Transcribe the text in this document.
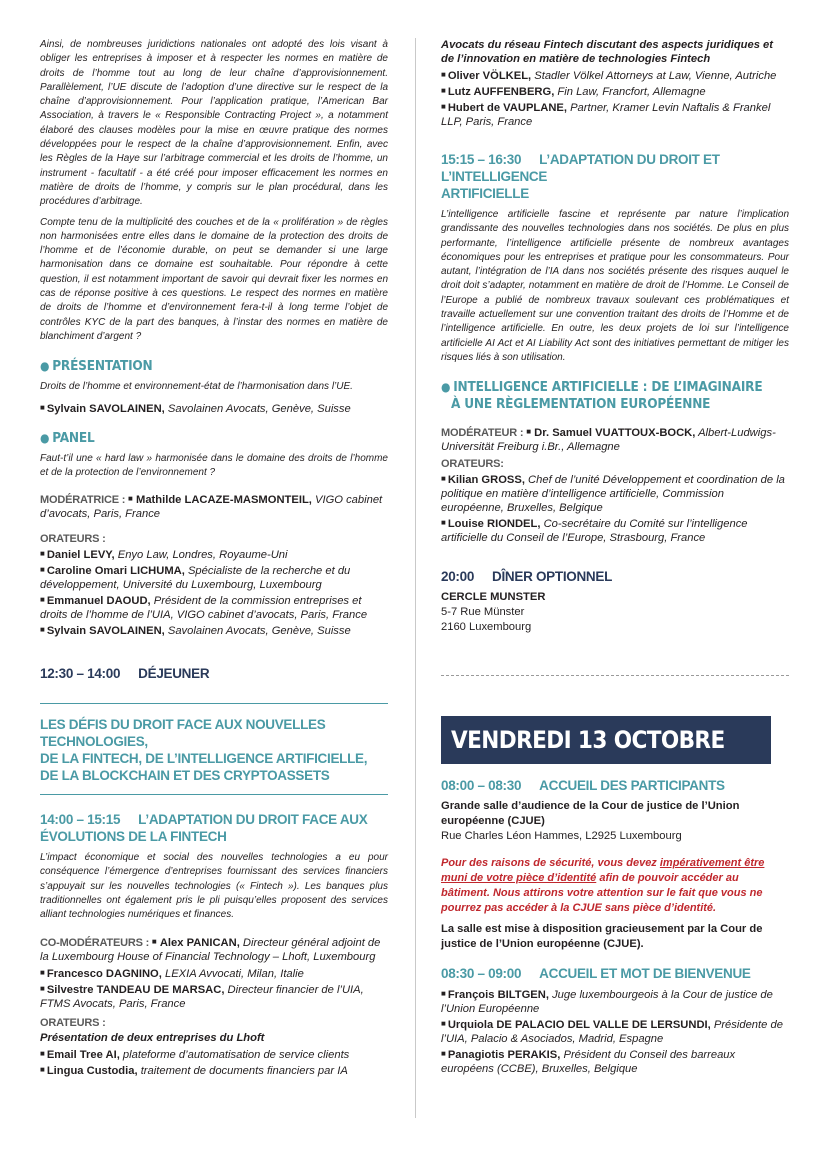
Ainsi, de nombreuses juridictions nationales ont adopté des lois visant à obliger les entreprises à imposer et à respecter les normes en matière de droits de l’homme tout au long de leur chaîne d’approvisionnement. Parallèlement, l’UE discute de l’adoption d’une directive sur le respect de la chaîne d’approvisionnement. Pour l’application pratique, l’American Bar Association, à travers le « Responsible Contracting Project », a notamment élaboré des clauses modèles pour la mise en œuvre pratique des normes développées pour le respect de la chaîne d’approvisionnement. Enfin, avec les Règles de la Haye sur l’arbitrage commercial et les droits de l’homme, un instrument - facultatif - a été créé pour imposer efficacement les normes en matière de droits de l’homme, y compris sur le plan procédural, dans les procédures d’arbitrage.

Compte tenu de la multiplicité des couches et de la « prolifération » de règles non harmonisées entre elles dans le domaine de la protection des droits de l’homme et de l’économie durable, on peut se demander si une large harmonisation dans ce domaine est souhaitable. Pour répondre à cette question, il est notamment important de savoir qui devrait fixer les normes en cas de réponse positive à ces questions. Le respect des normes en matière de droits de l’homme et d’environnement fera-t-il à long terme l’objet de contrôles KYC de la part des banques, à l’instar des normes en matière de blanchiment d’argent ?

● PRÉSENTATION

Droits de l’homme et environnement-état de l’harmonisation dans l’UE.

■ Sylvain SAVOLAINEN, Savolainen Avocats, Genève, Suisse
● PANEL

Faut-t’il une « hard law » harmonisée dans le domaine des droits de l’homme et de la protection de l’environnement ?

MODÉRATRICE : ■ Mathilde LACAZE-MASMONTEIL, VIGO cabinet d’avocats, Paris, France
ORATEURS :
■ Daniel LEVY, Enyo Law, Londres, Royaume-Uni
■ Caroline Omari LICHUMA, Spécialiste de la recherche et du développement, Université du Luxembourg, Luxembourg
■ Emmanuel DAOUD, Président de la commission entreprises et droits de l’homme de l’UIA, VIGO cabinet d’avocats, Paris, France
■ Sylvain SAVOLAINEN, Savolainen Avocats, Genève, Suisse
12:30 – 14:00 DÉJEUNER
LES DÉFIS DU DROIT FACE AUX NOUVELLES TECHNOLOGIES,
DE LA FINTECH, DE L’INTELLIGENCE ARTIFICIELLE,
DE LA BLOCKCHAIN ET DES CRYPTOASSETS
14:00 – 15:15 L’ADAPTATION DU DROIT FACE AUX
ÉVOLUTIONS DE LA FINTECH

L’impact économique et social des nouvelles technologies a eu pour conséquence l’émergence d’entreprises fournissant des services financiers s’appuyait sur les nouvelles technologies (« Fintech »). Les banques plus traditionnelles ont également pris le pli puisqu’elles proposent des services alliant technologies numériques et finances.

CO-MODÉRATEURS : ■ Alex PANICAN, Directeur général adjoint de la Luxembourg House of Financial Technology – Lhoft, Luxembourg
■ Francesco DAGNINO, LEXIA Avvocati, Milan, Italie
■ Silvestre TANDEAU DE MARSAC, Directeur financier de l’UIA, FTMS Avocats, Paris, France
ORATEURS :
Présentation de deux entreprises du Lhoft
■ Email Tree AI, plateforme d’automatisation de service clients
■ Lingua Custodia, traitement de documents financiers par IA
Avocats du réseau Fintech discutant des aspects juridiques et de l’innovation en matière de technologies Fintech
■ Oliver VÖLKEL, Stadler Völkel Attorneys at Law, Vienne, Autriche
■ Lutz AUFFENBERG, Fin Law, Francfort, Allemagne
■ Hubert de VAUPLANE, Partner, Kramer Levin Naftalis & Frankel LLP, Paris, France
15:15 – 16:30 L’ADAPTATION DU DROIT ET L’INTELLIGENCE
ARTIFICIELLE

L’intelligence artificielle fascine et représente par nature l’implication grandissante des nouvelles technologies dans nos sociétés. De plus en plus performante, l’intelligence artificielle présente de nombreux avantages économiques pour les entreprises et pratique pour les consommateurs. Pour autant, l’intégration de l’IA dans nos sociétés présente des risques auquel le droit doit s’adapter, notamment en matière de droit de l’Homme. Le Conseil de l’Europe a publié de nombreux travaux soulevant ces problématiques et travaille actuellement sur une convention traitant des droits de l’Homme et de l’intelligence artificielle. En outre, les deux projets de loi sur l’intelligence artificielle AI Act et AI Liability Act sont des initiatives permettant de mitiger les risques liés à son utilisation.

● INTELLIGENCE ARTIFICIELLE : DE L’IMAGINAIRE
À UNE RÈGLEMENTATION EUROPÉENNE
MODÉRATEUR : ■ Dr. Samuel VUATTOUX-BOCK, Albert-Ludwigs-Universität Freiburg i.Br., Allemagne
ORATEURS:
■ Kilian GROSS, Chef de l’unité Développement et coordination de la politique en matière d’intelligence artificielle, Commission européenne, Bruxelles, Belgique
■ Louise RIONDEL, Co-secrétaire du Comité sur l’intelligence artificielle du Conseil de l’Europe, Strasbourg, France
20:00 DÎNER OPTIONNEL
CERCLE MUNSTER
5-7 Rue Münster
2160 Luxembourg
VENDREDI 13 OCTOBRE
08:00 – 08:30 ACCUEIL DES PARTICIPANTS
Grande salle d’audience de la Cour de justice de l’Union européenne (CJUE)
Rue Charles Léon Hammes, L2925 Luxembourg
Pour des raisons de sécurité, vous devez impérativement être muni de votre pièce d’identité afin de pouvoir accéder au bâtiment. Nous attirons votre attention sur le fait que vous ne pourrez pas accéder à la CJUE sans pièce d’identité.
La salle est mise à disposition gracieusement par la Cour de justice de l’Union européenne (CJUE).
08:30 – 09:00 ACCUEIL ET MOT DE BIENVENUE
■ François BILTGEN, Juge luxembourgeois à la Cour de justice de l’Union Européenne
■ Urquiola DE PALACIO DEL VALLE DE LERSUNDI, Présidente de l’UIA, Palacio & Asociados, Madrid, Espagne
■ Panagiotis PERAKIS, Président du Conseil des barreaux européens (CCBE), Bruxelles, Belgique
